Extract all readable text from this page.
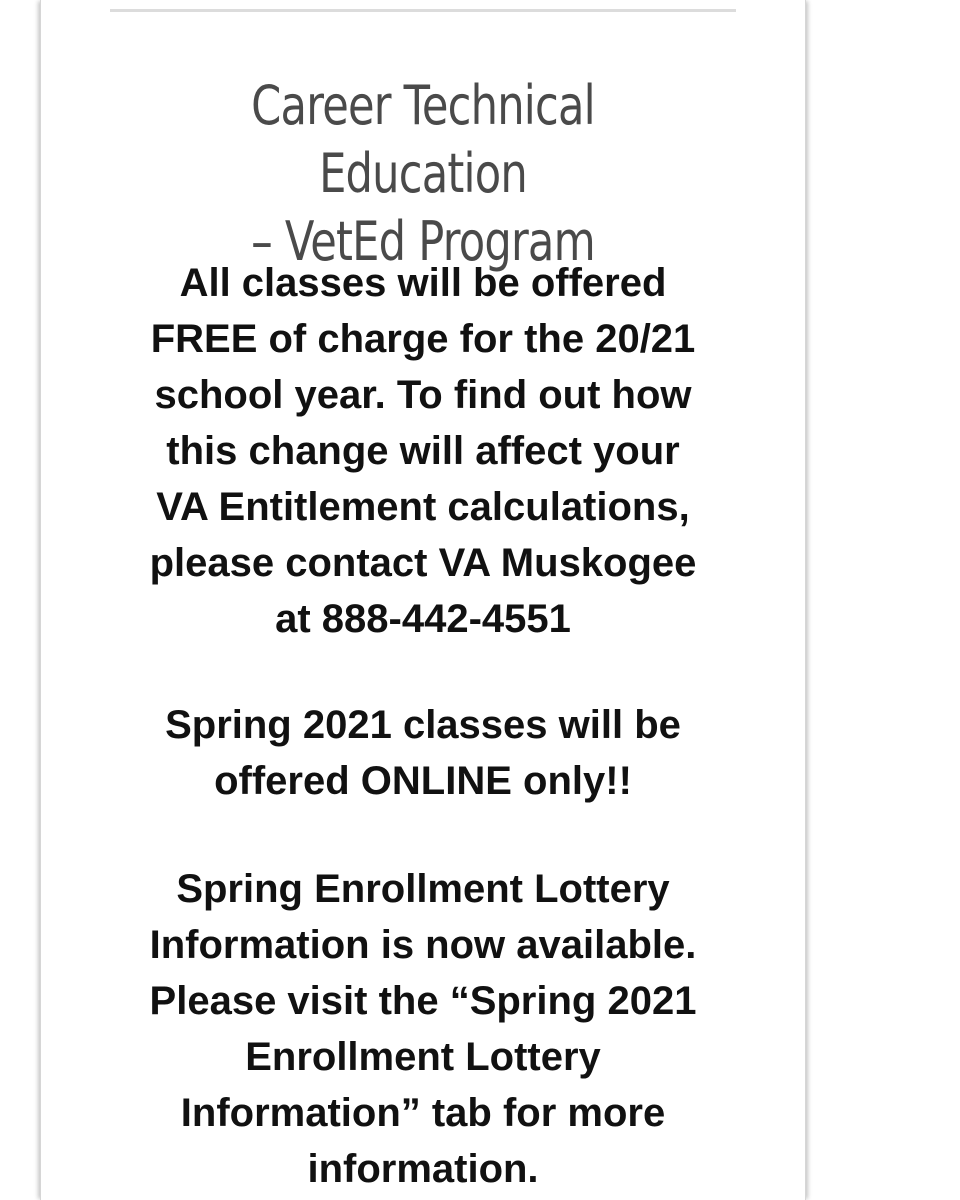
Career Technical Education
– VetEd Program

All classes will be offered
FREE of charge for the 20/21
school year. To find out how
this change will affect your
VA Entitlement calculations,
please contact VA Muskogee
at 888-442-4551

Spring 2021 classes will be
offered ONLINE only!!

Spring Enrollment Lottery
Information is now available.
Please visit the “Spring 2021
Enrollment Lottery
Information” tab for more
information.
